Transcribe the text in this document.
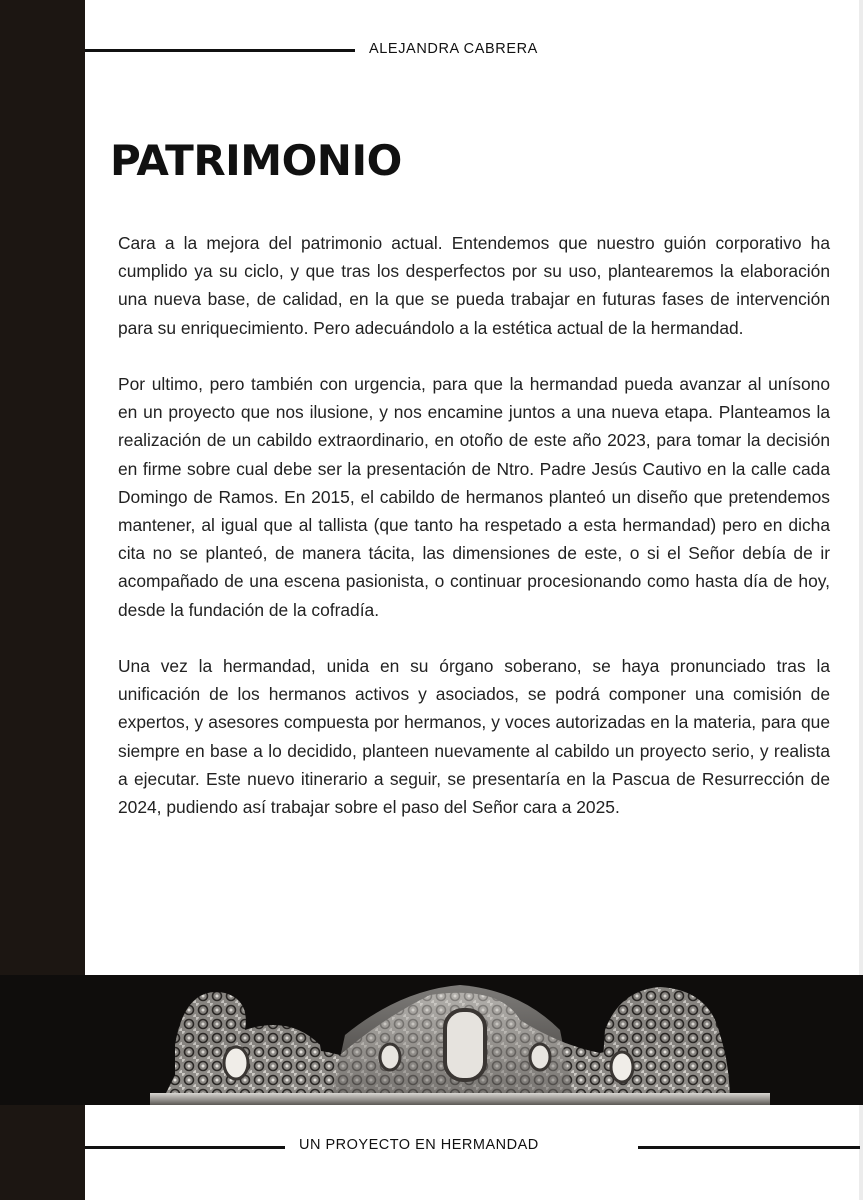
ALEJANDRA CABRERA
PATRIMONIO

Cara a la mejora del patrimonio actual. Entendemos que nuestro guión corporativo ha cumplido ya su ciclo, y que tras los desperfectos por su uso, plantearemos la elaboración una nueva base, de calidad, en la que se pueda trabajar en futuras fases de intervención para su enriquecimiento. Pero adecuándolo a la estética actual de la hermandad.

Por ultimo, pero también con urgencia, para que la hermandad pueda avanzar al unísono en un proyecto que nos ilusione, y nos encamine juntos a una nueva etapa. Planteamos la realización de un cabildo extraordinario, en otoño de este año 2023, para tomar la decisión en firme sobre cual debe ser la presentación de Ntro. Padre Jesús Cautivo en la calle cada Domingo de Ramos. En 2015, el cabildo de hermanos planteó un diseño que pretendemos mantener, al igual que al tallista (que tanto ha respetado a esta hermandad) pero en dicha cita no se planteó, de manera tácita, las dimensiones de este, o si el Señor debía de ir acompañado de una escena pasionista, o continuar procesionando como hasta día de hoy, desde la fundación de la cofradía.

Una vez la hermandad, unida en su órgano soberano, se haya pronunciado tras la unificación de los hermanos activos y asociados, se podrá componer una comisión de expertos, y asesores compuesta por hermanos, y voces autorizadas en la materia, para que siempre en base a lo decidido, planteen nuevamente al cabildo un proyecto serio, y realista a ejecutar. Este nuevo itinerario a seguir, se presentaría en la Pascua de Resurrección de 2024, pudiendo así trabajar sobre el paso del Señor cara a 2025.

UN PROYECTO EN HERMANDAD
